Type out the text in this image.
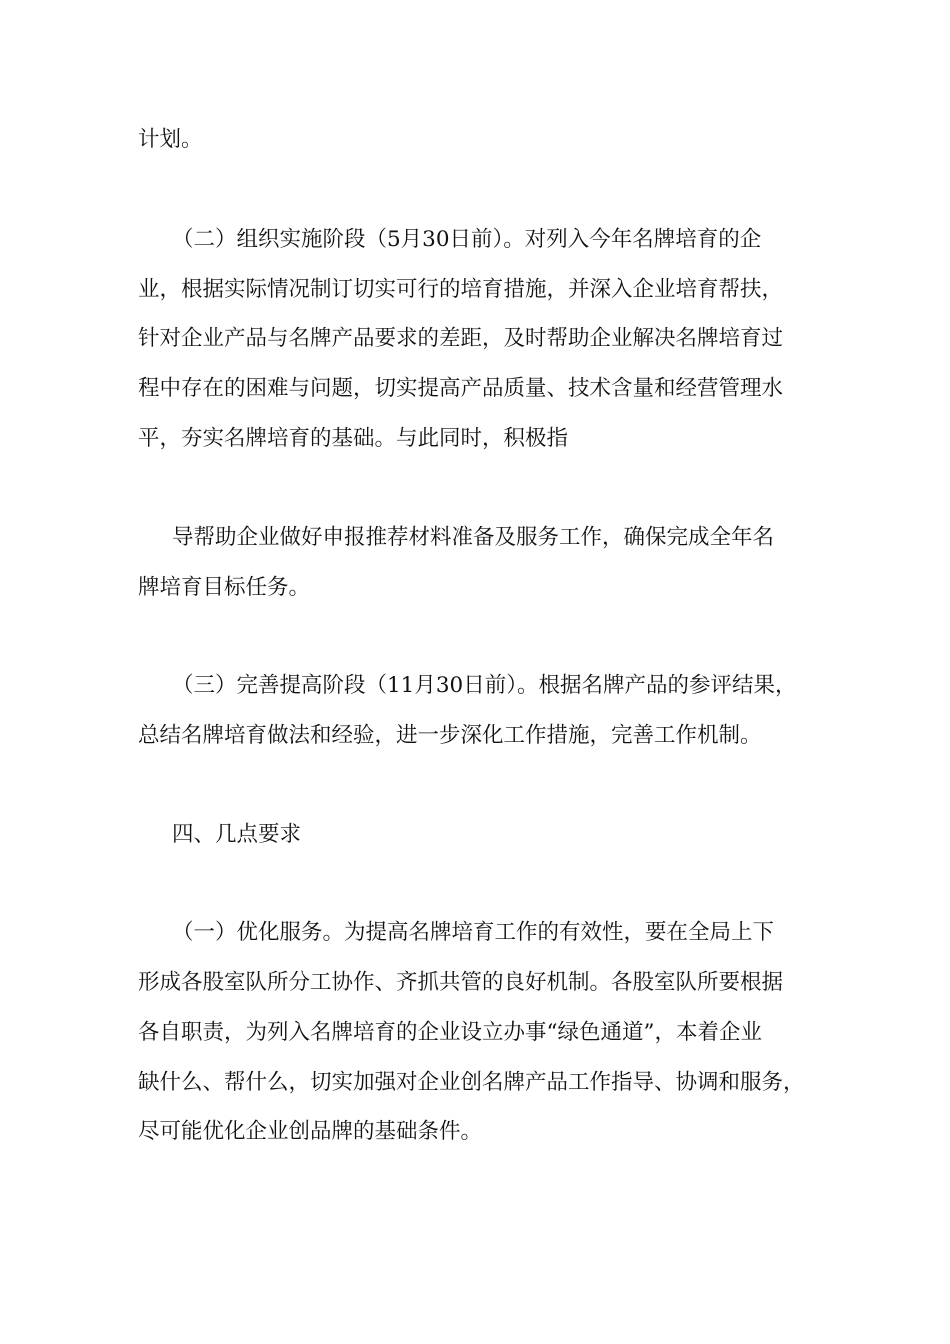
计划。

（二）组织实施阶段（5月30日前）。对列入今年名牌培育的企

业，根据实际情况制订切实可行的培育措施，并深入企业培育帮扶，

针对企业产品与名牌产品要求的差距，及时帮助企业解决名牌培育过

程中存在的困难与问题，切实提高产品质量、技术含量和经营管理水

平，夯实名牌培育的基础。与此同时，积极指

导帮助企业做好申报推荐材料准备及服务工作，确保完成全年名

牌培育目标任务。

（三）完善提高阶段（11月30日前）。根据名牌产品的参评结果，

总结名牌培育做法和经验，进一步深化工作措施，完善工作机制。

四、几点要求

（一）优化服务。为提高名牌培育工作的有效性，要在全局上下

形成各股室队所分工协作、齐抓共管的良好机制。各股室队所要根据

各自职责，为列入名牌培育的企业设立办事“绿色通道”，本着企业

缺什么、帮什么，切实加强对企业创名牌产品工作指导、协调和服务，

尽可能优化企业创品牌的基础条件。
